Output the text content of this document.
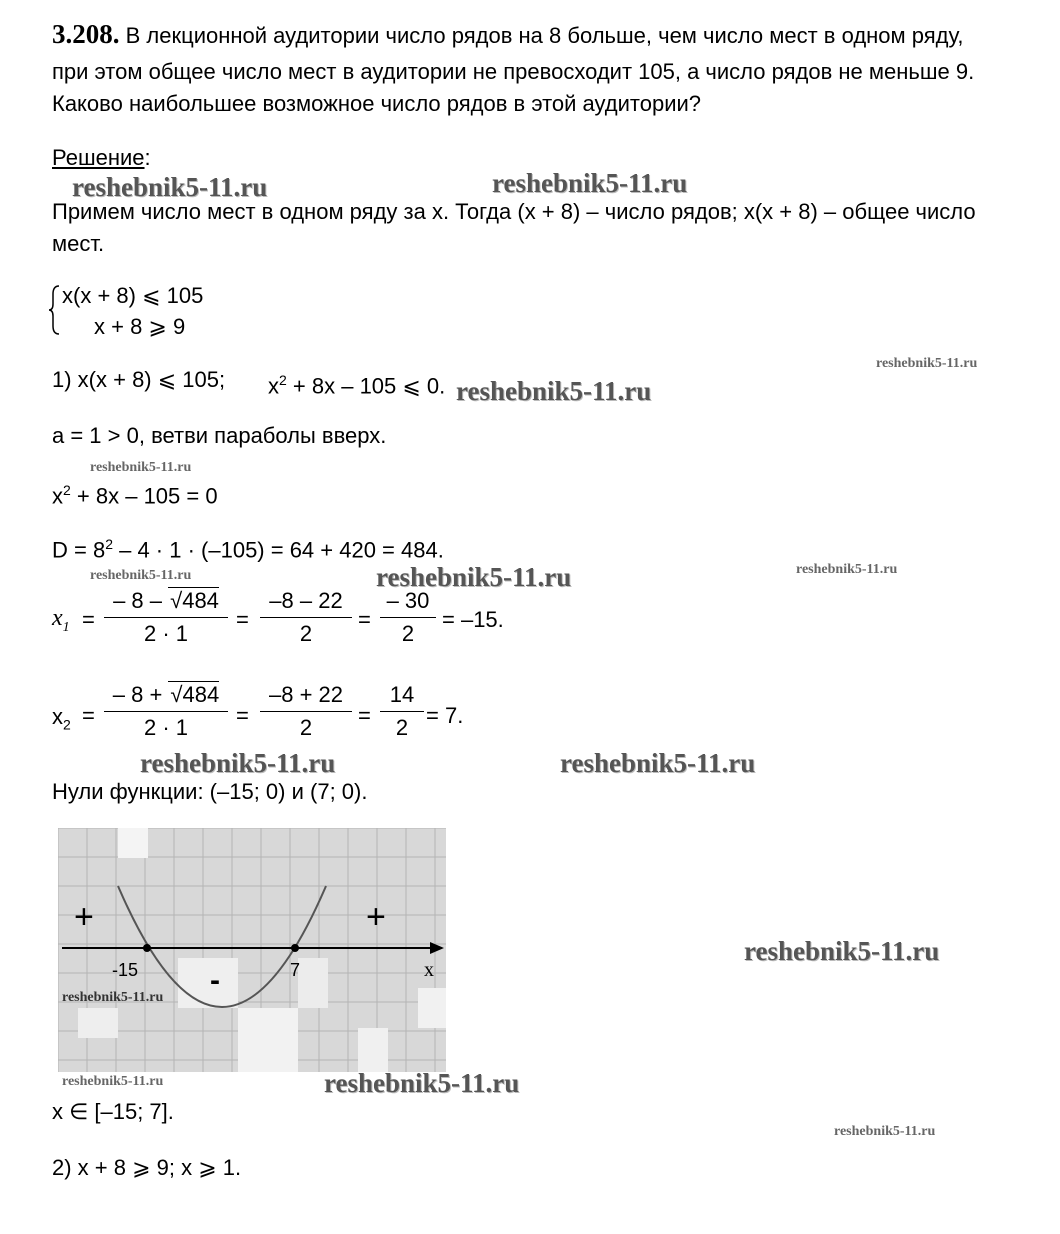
3.208. В лекционной аудитории число рядов на 8 больше, чем число мест в одном ряду,
при этом общее число мест в аудитории не превосходит 105, а число рядов не меньше 9.
Каково наибольшее возможное число рядов в этой аудитории?
Решение:
reshebnik5-11.ru	reshebnik5-11.ru
Примем число мест в одном ряду за x. Тогда (x + 8) – число рядов; x(x + 8) – общее число
мест.
x(x + 8) ⩽ 105
x + 8 ⩾ 9
1) x(x + 8) ⩽ 105; $x^2 + 8x - 105$ ⩽ 0.
reshebnik5-11.ru
reshebnik5-11.ru
a = 1 > 0, ветви параболы вверх.
reshebnik5-11.ru
$x^2 + 8x - 105 = 0$
$D = 8^2 - 4 \cdot 1 \cdot (-105) = 64 + 420 = 484$.
reshebnik5-11.ru	reshebnik5-11.ru	reshebnik5-11.ru
$x_1 = \frac{- 8 - √484}{2 \cdot 1} = \frac{-8 - 22}{2} = \frac{- 30}{2} = -15$.
$x_2 = \frac{- 8 + √484}{2 \cdot 1} = \frac{-8 + 22}{2} = \frac{14}{2} = 7$.
reshebnik5-11.ru	reshebnik5-11.ru
Нули функции: (–15; 0) и (7; 0).
+	+
-
-15	7	x
reshebnik5-11.ru
reshebnik5-11.ru
reshebnik5-11.ru	reshebnik5-11.ru
x ∈ [–15; 7].
reshebnik5-11.ru
2) x + 8 ⩾ 9; x ⩾ 1.
